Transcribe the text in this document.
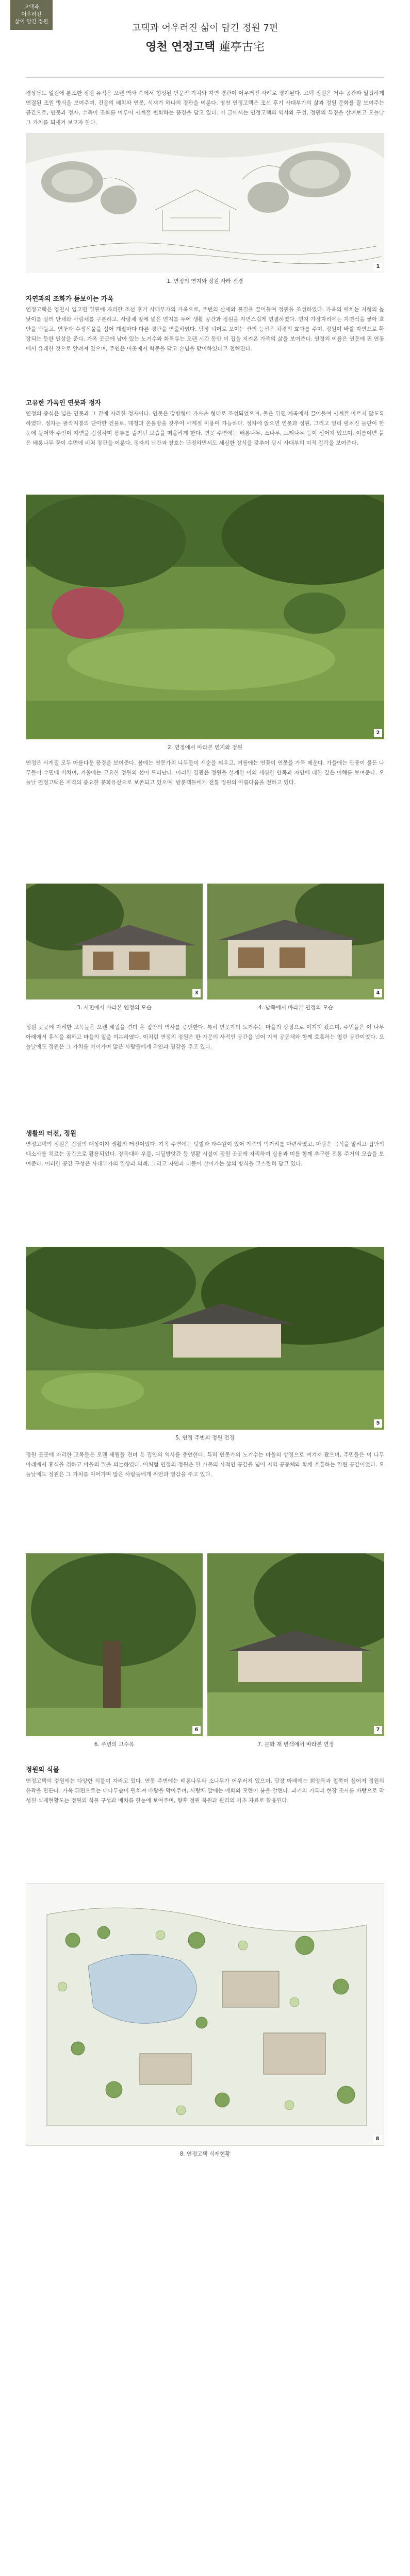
고택과
어우러진
삶이 담긴 정원
고택과 어우러진 삶이 담긴 정원 7편
영천 연정고택 蓮亭古宅
경상남도 일원에 분포한 정원 유적은 오랜 역사 속에서 형성된 인문적 가치와 자연 경관이 어우러진 사례로 평가된다. 고택 정원은 거주 공간과 밀접하게 연결된 조원 방식을 보여주며, 건물의 배치와 연못, 식재가 하나의 경관을 이룬다. 영천 연정고택은 조선 후기 사대부가의 삶과 정원 문화를 잘 보여주는 공간으로, 연못과 정자, 수목이 조화를 이루어 사계절 변화하는 풍경을 담고 있다. 이 글에서는 연정고택의 역사와 구성, 정원의 특징을 살펴보고 오늘날 그 가치를 되새겨 보고자 한다.
1
1. 연정의 연지와 정원 사라 전경
자연과의 조화가 돋보이는 가옥
연정고택은 영천시 임고면 일원에 자리한 조선 후기 사대부가의 가옥으로, 주변의 산세와 물길을 끌어들여 정원을 조성하였다. 가옥의 배치는 지형의 높낮이를 살려 안채와 사랑채를 구분하고, 사랑채 앞에 넓은 연지를 두어 생활 공간과 정원을 자연스럽게 연결하였다. 연지 가장자리에는 자연석을 쌓아 호안을 만들고, 연꽃과 수생식물을 심어 계절마다 다른 경관을 연출하였다. 담장 너머로 보이는 산의 능선은 차경의 효과를 주며, 정원이 바깥 자연으로 확장되는 듯한 인상을 준다. 가옥 곳곳에 남아 있는 노거수와 화목류는 오랜 시간 동안 이 집을 지켜온 가족의 삶을 보여준다. 연정의 이름은 연못에 핀 연꽃에서 유래한 것으로 알려져 있으며, 주인은 이곳에서 학문을 닦고 손님을 맞이하였다고 전해진다.
고유한 가옥인 연못과 정자
연정의 중심은 넓은 연못과 그 곁에 자리한 정자이다. 연못은 장방형에 가까운 형태로 조성되었으며, 물은 뒤편 계곡에서 끌어들여 사계절 마르지 않도록 하였다. 정자는 팔작지붕의 단아한 건물로, 대청과 온돌방을 갖추어 사계절 이용이 가능하다. 정자에 앉으면 연못과 정원, 그리고 멀리 펼쳐진 들판이 한눈에 들어와 주인이 자연을 감상하며 풍류를 즐기던 모습을 떠올리게 한다. 연못 주변에는 배롱나무, 소나무, 느티나무 등이 심어져 있으며, 여름이면 붉은 배롱나무 꽃이 수면에 비쳐 장관을 이룬다. 정자의 난간과 창호는 단정하면서도 세심한 장식을 갖추어 당시 사대부의 미적 감각을 보여준다.
2
2. 연정에서 바라본 연지와 정원
연정은 사계절 모두 아름다운 풍경을 보여준다. 봄에는 연못가의 나무들이 새순을 틔우고, 여름에는 연꽃이 연못을 가득 메운다. 가을에는 단풍이 물든 나무들이 수면에 비치며, 겨울에는 고요한 정원의 선이 드러난다. 이러한 경관은 정원을 설계한 이의 세심한 안목과 자연에 대한 깊은 이해를 보여준다. 오늘날 연정고택은 지역의 중요한 문화유산으로 보존되고 있으며, 방문객들에게 전통 정원의 아름다움을 전하고 있다.
3	4
3. 서편에서 바라본 연정의 모습	4. 남쪽에서 바라본 연정의 모습
정원 곳곳에 자리한 고목들은 오랜 세월을 견뎌 온 집안의 역사를 증언한다. 특히 연못가의 노거수는 마을의 상징으로 여겨져 왔으며, 주민들은 이 나무 아래에서 휴식을 취하고 마을의 일을 의논하였다. 이처럼 연정의 정원은 한 가문의 사적인 공간을 넘어 지역 공동체와 함께 호흡하는 열린 공간이었다. 오늘날에도 정원은 그 가치를 이어가며 많은 사람들에게 위안과 영감을 주고 있다.
생활의 터전, 정원
연정고택의 정원은 감상의 대상이자 생활의 터전이었다. 가옥 주변에는 텃밭과 과수원이 있어 가족의 먹거리를 마련하였고, 마당은 곡식을 말리고 집안의 대소사를 치르는 공간으로 활용되었다. 장독대와 우물, 디딜방앗간 등 생활 시설이 정원 곳곳에 자리하여 실용과 미를 함께 추구한 전통 주거의 모습을 보여준다. 이러한 공간 구성은 사대부가의 일상과 의례, 그리고 자연과 더불어 살아가는 삶의 방식을 고스란히 담고 있다.
5
5. 연정 주변의 정원 전경
정원 곳곳에 자리한 고목들은 오랜 세월을 견뎌 온 집안의 역사를 증언한다. 특히 연못가의 노거수는 마을의 상징으로 여겨져 왔으며, 주민들은 이 나무 아래에서 휴식을 취하고 마을의 일을 의논하였다. 이처럼 연정의 정원은 한 가문의 사적인 공간을 넘어 지역 공동체와 함께 호흡하는 열린 공간이었다. 오늘날에도 정원은 그 가치를 이어가며 많은 사람들에게 위안과 영감을 주고 있다.
6	7
6. 주변의 고수목	7. 문화 재 변색에서 바라본 연정
정원의 식물
연정고택의 정원에는 다양한 식물이 자라고 있다. 연못 주변에는 배롱나무와 소나무가 어우러져 있으며, 담장 아래에는 회양목과 철쭉이 심어져 정원의 윤곽을 만든다. 가옥 뒤편으로는 대나무숲이 펼쳐져 바람을 막아주며, 사랑채 앞에는 매화와 모란이 봄을 알린다. 과거의 기록과 현장 조사를 바탕으로 작성된 식재현황도는 정원의 식물 구성과 배치를 한눈에 보여주며, 향후 정원 복원과 관리의 기초 자료로 활용된다.
8
8. 연정고택 식재현황
